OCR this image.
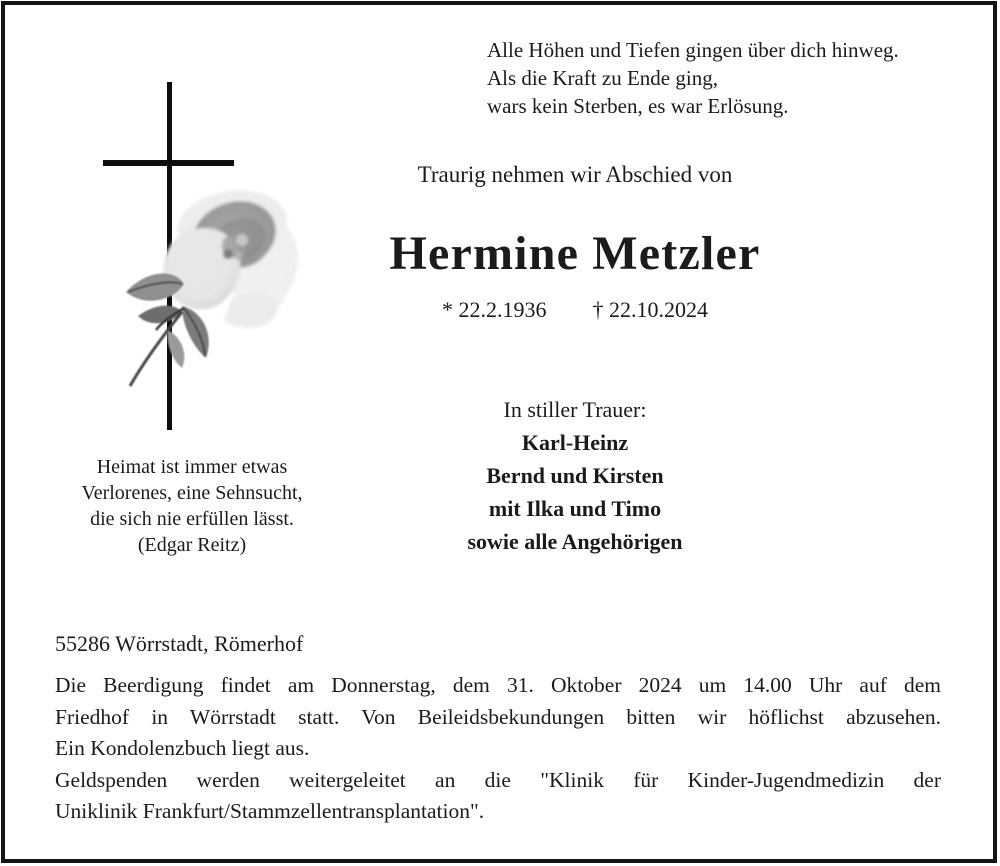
Alle Höhen und Tiefen gingen über dich hinweg.
Als die Kraft zu Ende ging,
wars kein Sterben, es war Erlösung.
Traurig nehmen wir Abschied von
Hermine Metzler
* 22.2.1936 † 22.10.2024
In stiller Trauer:
Karl-Heinz
Bernd und Kirsten
mit Ilka und Timo
sowie alle Angehörigen
Heimat ist immer etwas
Verlorenes, eine Sehnsucht,
die sich nie erfüllen lässt.
(Edgar Reitz)
55286 Wörrstadt, Römerhof
Die Beerdigung findet am Donnerstag, dem 31. Oktober 2024 um 14.00 Uhr auf dem
Friedhof in Wörrstadt statt. Von Beileidsbekundungen bitten wir höflichst abzusehen.
Ein Kondolenzbuch liegt aus.
Geldspenden werden weitergeleitet an die "Klinik für Kinder-Jugendmedizin der
Uniklinik Frankfurt/Stammzellentransplantation".
